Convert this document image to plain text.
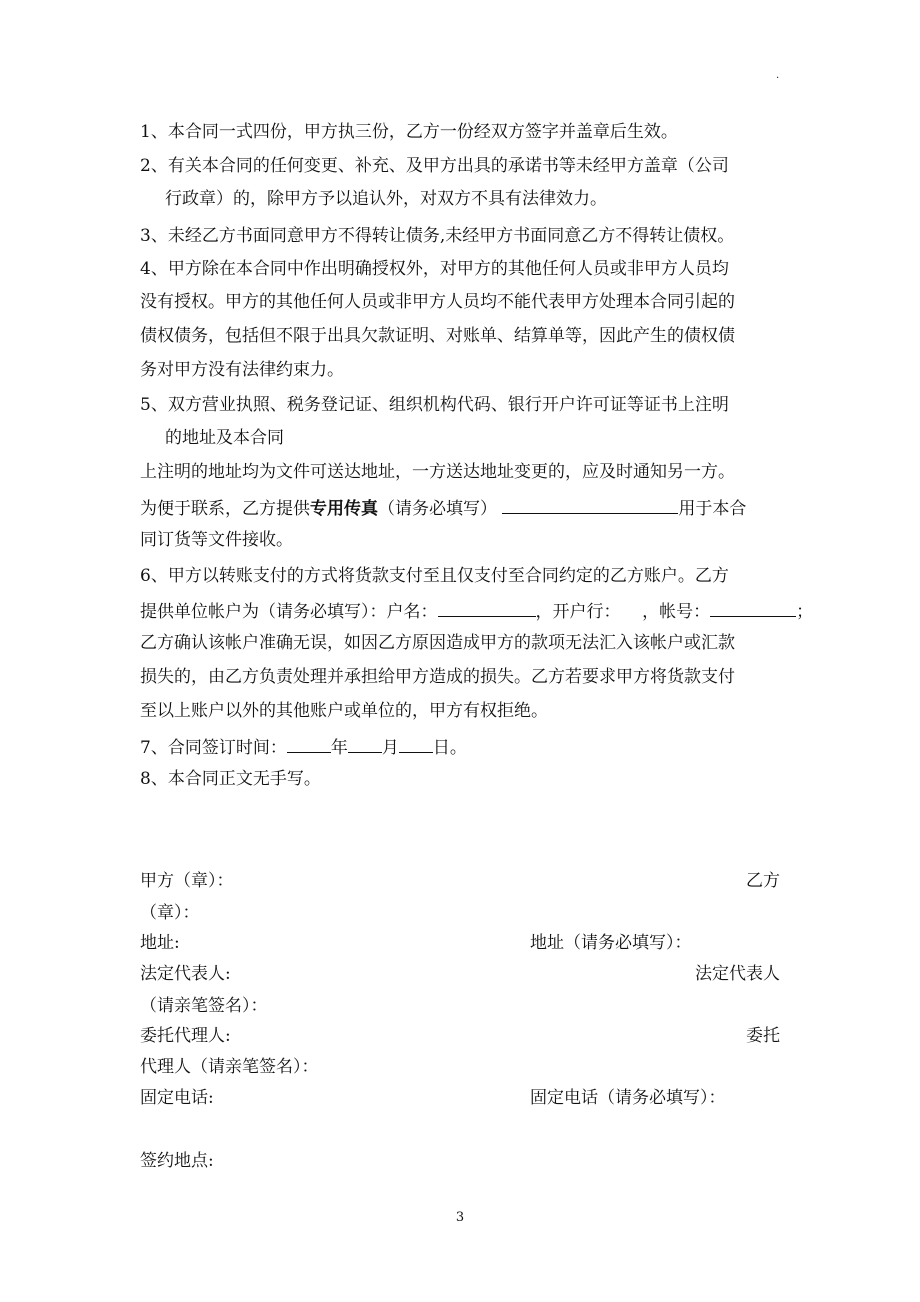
.
1、本合同一式四份，甲方执三份，乙方一份经双方签字并盖章后生效。
2、有关本合同的任何变更、补充、及甲方出具的承诺书等未经甲方盖章（公司
行政章）的，除甲方予以追认外，对双方不具有法律效力。
3、未经乙方书面同意甲方不得转让债务,未经甲方书面同意乙方不得转让债权。
4、甲方除在本合同中作出明确授权外，对甲方的其他任何人员或非甲方人员均
没有授权。甲方的其他任何人员或非甲方人员均不能代表甲方处理本合同引起的
债权债务，包括但不限于出具欠款证明、对账单、结算单等，因此产生的债权债
务对甲方没有法律约束力。
5、双方营业执照、税务登记证、组织机构代码、银行开户许可证等证书上注明
的地址及本合同
上注明的地址均为文件可送达地址，一方送达地址变更的，应及时通知另一方。
为便于联系，乙方提供专用传真（请务必填写）	用于本合
同订货等文件接收。
6、甲方以转账支付的方式将货款支付至且仅支付至合同约定的乙方账户。乙方
提供单位帐户为（请务必填写）：户名：	，开户行： ，帐号：	；
乙方确认该帐户准确无误，如因乙方原因造成甲方的款项无法汇入该帐户或汇款
损失的，由乙方负责处理并承担给甲方造成的损失。乙方若要求甲方将货款支付
至以上账户以外的其他账户或单位的，甲方有权拒绝。
7、合同签订时间：	年 月 日。
8、本合同正文无手写。
甲方（章）：	乙方
（章）：
地址:	地址（请务必填写）：
法定代表人:	法定代表人
（请亲笔签名）：
委托代理人:	委托
代理人（请亲笔签名）：
固定电话:	固定电话（请务必填写）：
签约地点:
3
